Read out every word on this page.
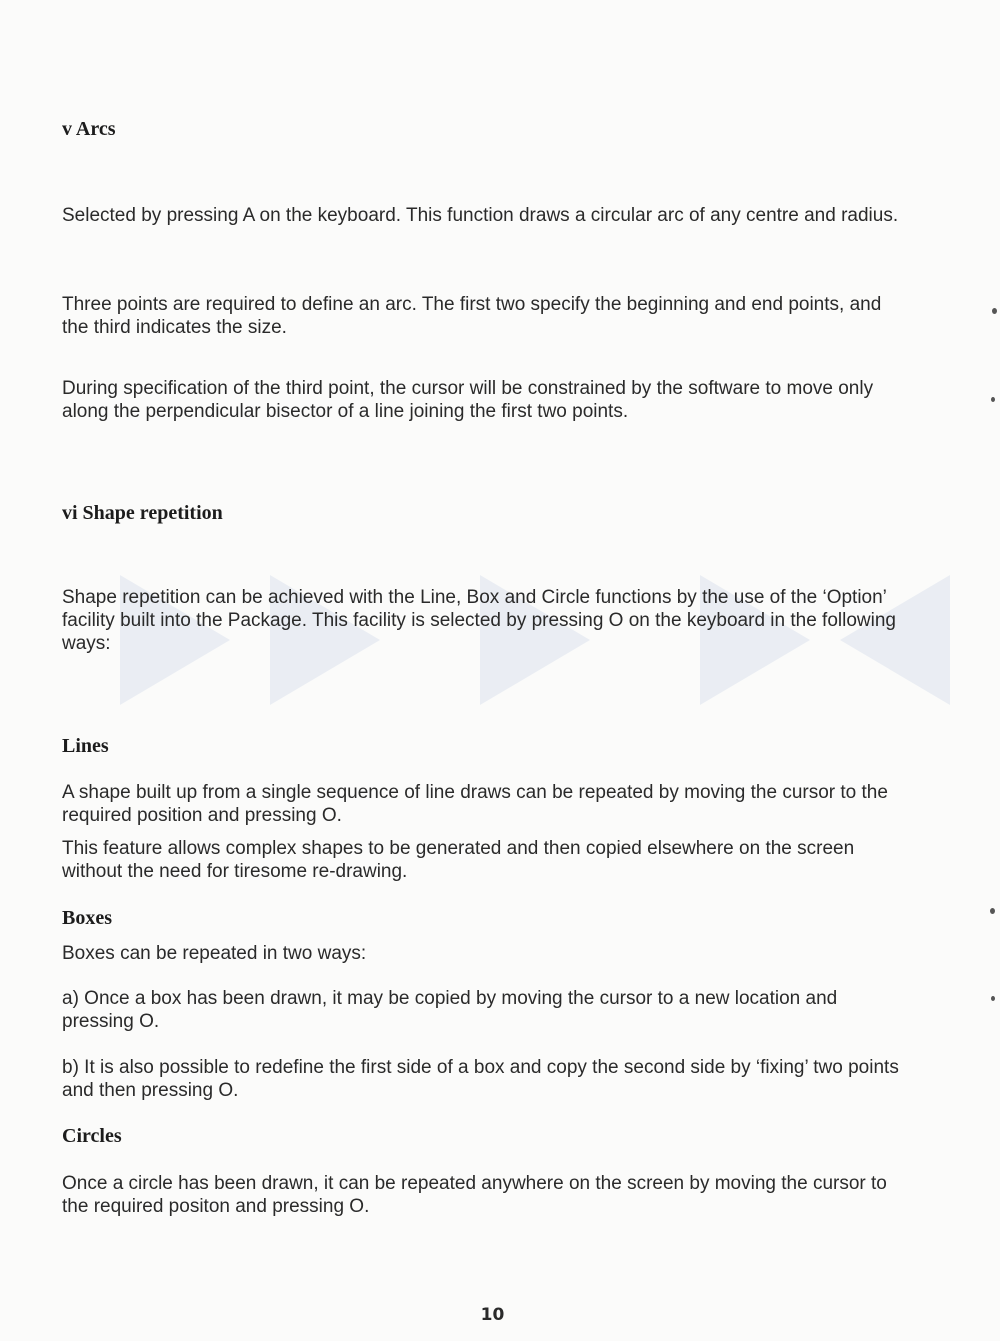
v Arcs

Selected by pressing A on the keyboard. This function draws a circular arc of any centre and radius.

Three points are required to define an arc. The first two specify the beginning and end points, and the third indicates the size.

During specification of the third point, the cursor will be constrained by the software to move only along the perpendicular bisector of a line joining the first two points.

vi Shape repetition

Shape repetition can be achieved with the Line, Box and Circle functions by the use of the ‘Option’ facility built into the Package. This facility is selected by pressing O on the keyboard in the following ways:

Lines

A shape built up from a single sequence of line draws can be repeated by moving the cursor to the required position and pressing O.

This feature allows complex shapes to be generated and then copied elsewhere on the screen without the need for tiresome re-drawing.

Boxes

Boxes can be repeated in two ways:

a) Once a box has been drawn, it may be copied by moving the cursor to a new location and pressing O.

b) It is also possible to redefine the first side of a box and copy the second side by ‘fixing’ two points and then pressing O.

Circles

Once a circle has been drawn, it can be repeated anywhere on the screen by moving the cursor to the required positon and pressing O.

10
